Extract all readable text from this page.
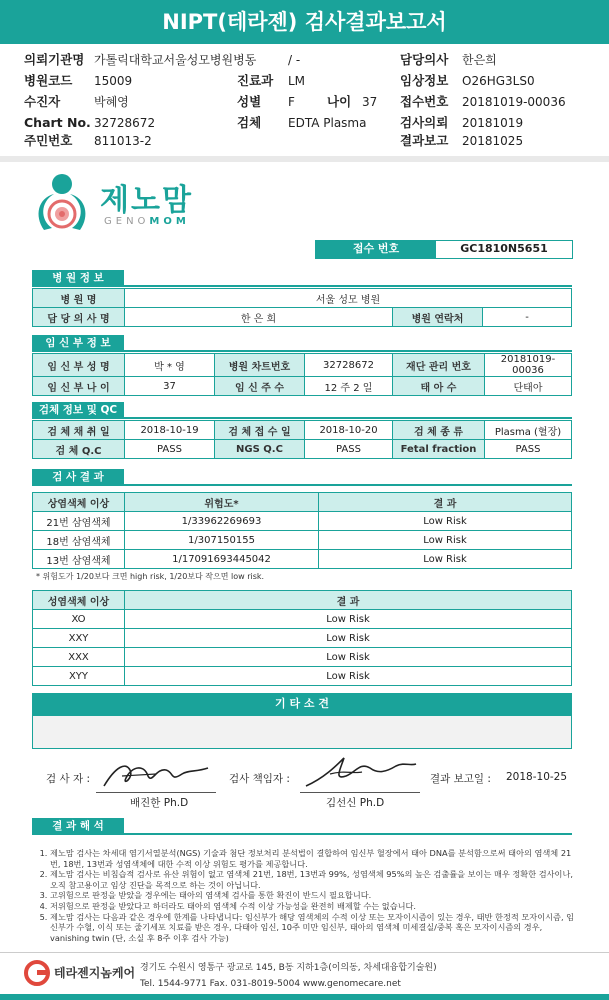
NIPT(테라젠) 검사결과보고서
의뢰기관명 가톨릭대학교서울성모병원병동	/ -	담당의사 한은희
병원코드 15009	진료과 LM	임상정보 O26HG3LS0
수진자	박혜영	성별 F	나이 37 접수번호 20181019-00036
Chart No. 32728672	검체 EDTA Plasma	검사의뢰 20181019
주민번호 811013-2	결과보고 20181025
제노맘
GENOMOM
접수 번호	GC1810N5651
병 원 정 보
병 원 명	서울 성모 병원		
담 당 의 사 명	한 은 희	병원 연락처	-
임 신 부 정 보
임 신 부 성 명	박 * 영	병원 차트번호	32728672	재단 관리 번호	20181019-00036
임 신 부 나 이	37	임 신 주 수	12 주 2 일	태 아 수	단태아
검체 정보 및 QC
검 체 채 취 일	2018-10-19	검 체 접 수 일	2018-10-20	검 체 종 류	Plasma (혈장)
검 체 Q.C	PASS	NGS Q.C	PASS	Fetal fraction	PASS
검 사 결 과
상염색체 이상	위험도*	결 과
21번 삼염색체	1/33962269693	Low Risk
18번 삼염색체	1/307150155	Low Risk
13번 삼염색체	1/17091693445042	Low Risk
* 위험도가 1/20보다 크면 high risk, 1/20보다 작으면 low risk.
성염색체 이상	결 과
XO	Low Risk
XXY	Low Risk
XXX	Low Risk
XYY	Low Risk
기 타 소 견
검 사 자 :
배진한 Ph.D
검사 책임자 :
김선신 Ph.D
결과 보고일 : 2018-10-25
결 과 해 석
1. 제노맘 검사는 차세대 염기서열분석(NGS) 기술과 첨단 정보처리 분석법이 결합하여 임신부 혈장에서 태아 DNA를 분석함으로써 태아의 염색체 21번, 18번, 13번과 성염색체에 대한 수적 이상 위험도 평가를 제공합니다.
2. 제노맘 검사는 비침습적 검사로 유산 위험이 없고 염색체 21번, 18번, 13번과 99%, 성염색체 95%의 높은 검출률을 보이는 매우 정확한 검사이나, 오직 참고용이고 임상 진단을 목적으로 하는 것이 아닙니다.
3. 고위험으로 판정을 받았을 경우에는 태아의 염색체 검사를 통한 확진이 반드시 필요합니다.
4. 저위험으로 판정을 받았다고 하더라도 태아의 염색체 수적 이상 가능성을 완전히 배제할 수는 없습니다.
5. 제노맘 검사는 다음과 같은 경우에 한계를 나타냅니다: 임신부가 해당 염색체의 수적 이상 또는 모자이시즘이 있는 경우, 태반 한정적 모자이시즘, 임신부가 수혈, 이식 또는 줄기세포 치료를 받은 경우, 다태아 임신, 10주 미만 임신부, 태아의 염색체 미세결실/중복 혹은 모자이시즘의 경우, vanishing twin (단, 소실 후 8주 이후 검사 가능)
테라젠지놈케어 경기도 수원시 영통구 광교로 145, B동 지하1층(이의동, 차세대융합기술원)
Tel. 1544-9771 Fax. 031-8019-5004 www.genomecare.net
